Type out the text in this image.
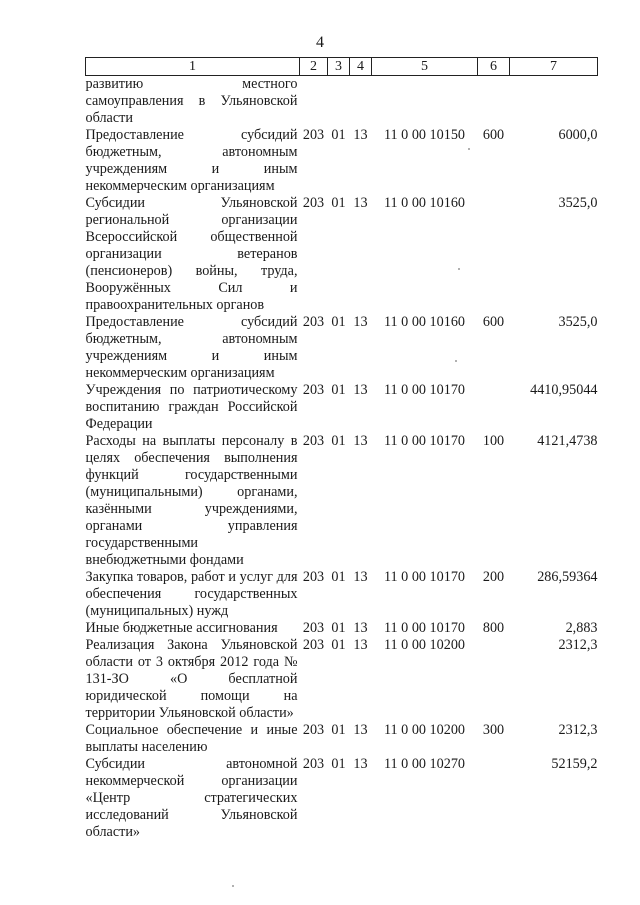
4
1	2	3	4	5	6	7
развитию местного самоуправления в Ульяновской области						
Предоставление субсидий бюджетным, автономным учреждениям и иным некоммерческим организациям	203	01	13	11 0 00 10150	600	6000,0
Субсидии Ульяновской региональной организации Всероссийской общественной организации ветеранов (пенсионеров) войны, труда, Вооружённых Сил и правоохранительных органов	203	01	13	11 0 00 10160		3525,0
Предоставление субсидий бюджетным, автономным учреждениям и иным некоммерческим организациям	203	01	13	11 0 00 10160	600	3525,0
Учреждения по патриотическому воспитанию граждан Российской Федерации	203	01	13	11 0 00 10170		4410,95044
Расходы на выплаты персоналу в целях обеспечения выполнения функций государственными (муниципальными) органами, казёнными учреждениями, органами управления государственными внебюджетными фондами	203	01	13	11 0 00 10170	100	4121,4738
Закупка товаров, работ и услуг для обеспечения государственных (муниципальных) нужд	203	01	13	11 0 00 10170	200	286,59364
Иные бюджетные ассигнования	203	01	13	11 0 00 10170	800	2,883
Реализация Закона Ульяновской области от 3 октября 2012 года № 131-ЗО «О бесплатной юридической помощи на территории Ульяновской области»	203	01	13	11 0 00 10200		2312,3
Социальное обеспечение и иные выплаты населению	203	01	13	11 0 00 10200	300	2312,3
Субсидии автономной некоммерческой организации «Центр стратегических исследований Ульяновской области»	203	01	13	11 0 00 10270		52159,2
